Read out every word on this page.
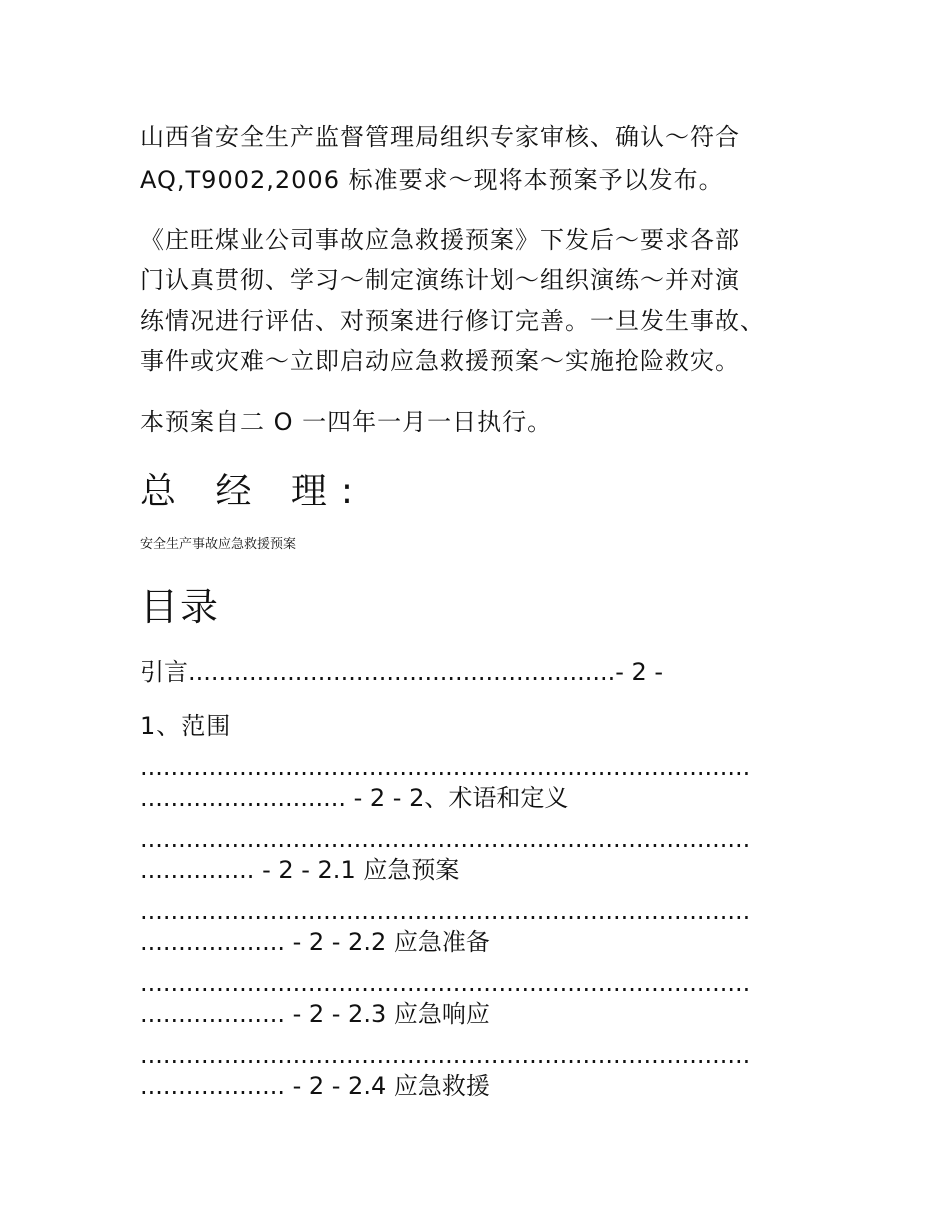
山西省安全生产监督管理局组织专家审核、确认～符合
AQ,T9002,2006 标准要求～现将本预案予以发布。
《庄旺煤业公司事故应急救援预案》下发后～要求各部
门认真贯彻、学习～制定演练计划～组织演练～并对演
练情况进行评估、对预案进行修订完善。一旦发生事故、
事件或灾难～立即启动应急救援预案～实施抢险救灾。
本预案自二 O 一四年一月一日执行。
总 经 理:
安全生产事故应急救援预案
目录
引言........................................................- 2 -
1、范围
................................................................................
........................... - 2 - 2、术语和定义
................................................................................
............... - 2 - 2.1 应急预案
................................................................................
................... - 2 - 2.2 应急准备
................................................................................
................... - 2 - 2.3 应急响应
................................................................................
................... - 2 - 2.4 应急救援
